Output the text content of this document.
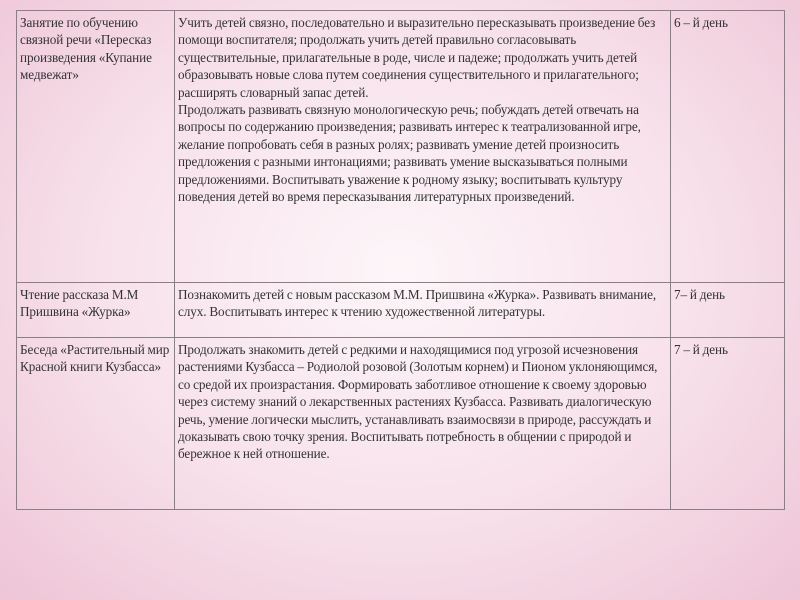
Занятие по обучению связной речи «Пересказ произведения «Купание медвежат»	Учить детей связно, последовательно и выразительно пересказывать произведение без помощи воспитателя; продолжать учить детей правильно согласовывать существительные, прилагательные в роде, числе и падеже; продолжать учить детей образовывать новые слова путем соединения существительного и прилагательного; расширять словарный запас детей.
Продолжать развивать связную монологическую речь; побуждать детей отвечать на вопросы по содержанию произведения; развивать интерес к театрализованной игре, желание попробовать себя в разных ролях; развивать умение детей произносить предложения с разными интонациями; развивать умение высказываться полными предложениями. Воспитывать уважение к родному языку; воспитывать культуру поведения детей во время пересказывания литературных произведений.	6 – й день
Чтение рассказа М.М Пришвина «Журка»	Познакомить детей с новым рассказом М.М. Пришвина «Журка». Развивать внимание, слух. Воспитывать интерес к чтению художественной литературы.	7– й день
Беседа «Растительный мир Красной книги Кузбасса»	Продолжать знакомить детей с редкими и находящимися под угрозой исчезновения растениями Кузбасса – Родиолой розовой (Золотым корнем) и Пионом уклоняющимся, со средой их произрастания. Формировать заботливое отношение к своему здоровью через систему знаний о лекарственных растениях Кузбасса. Развивать диалогическую речь, умение логически мыслить, устанавливать взаимосвязи в природе, рассуждать и доказывать свою точку зрения. Воспитывать потребность в общении с природой и бережное к ней отношение.	7 – й день
